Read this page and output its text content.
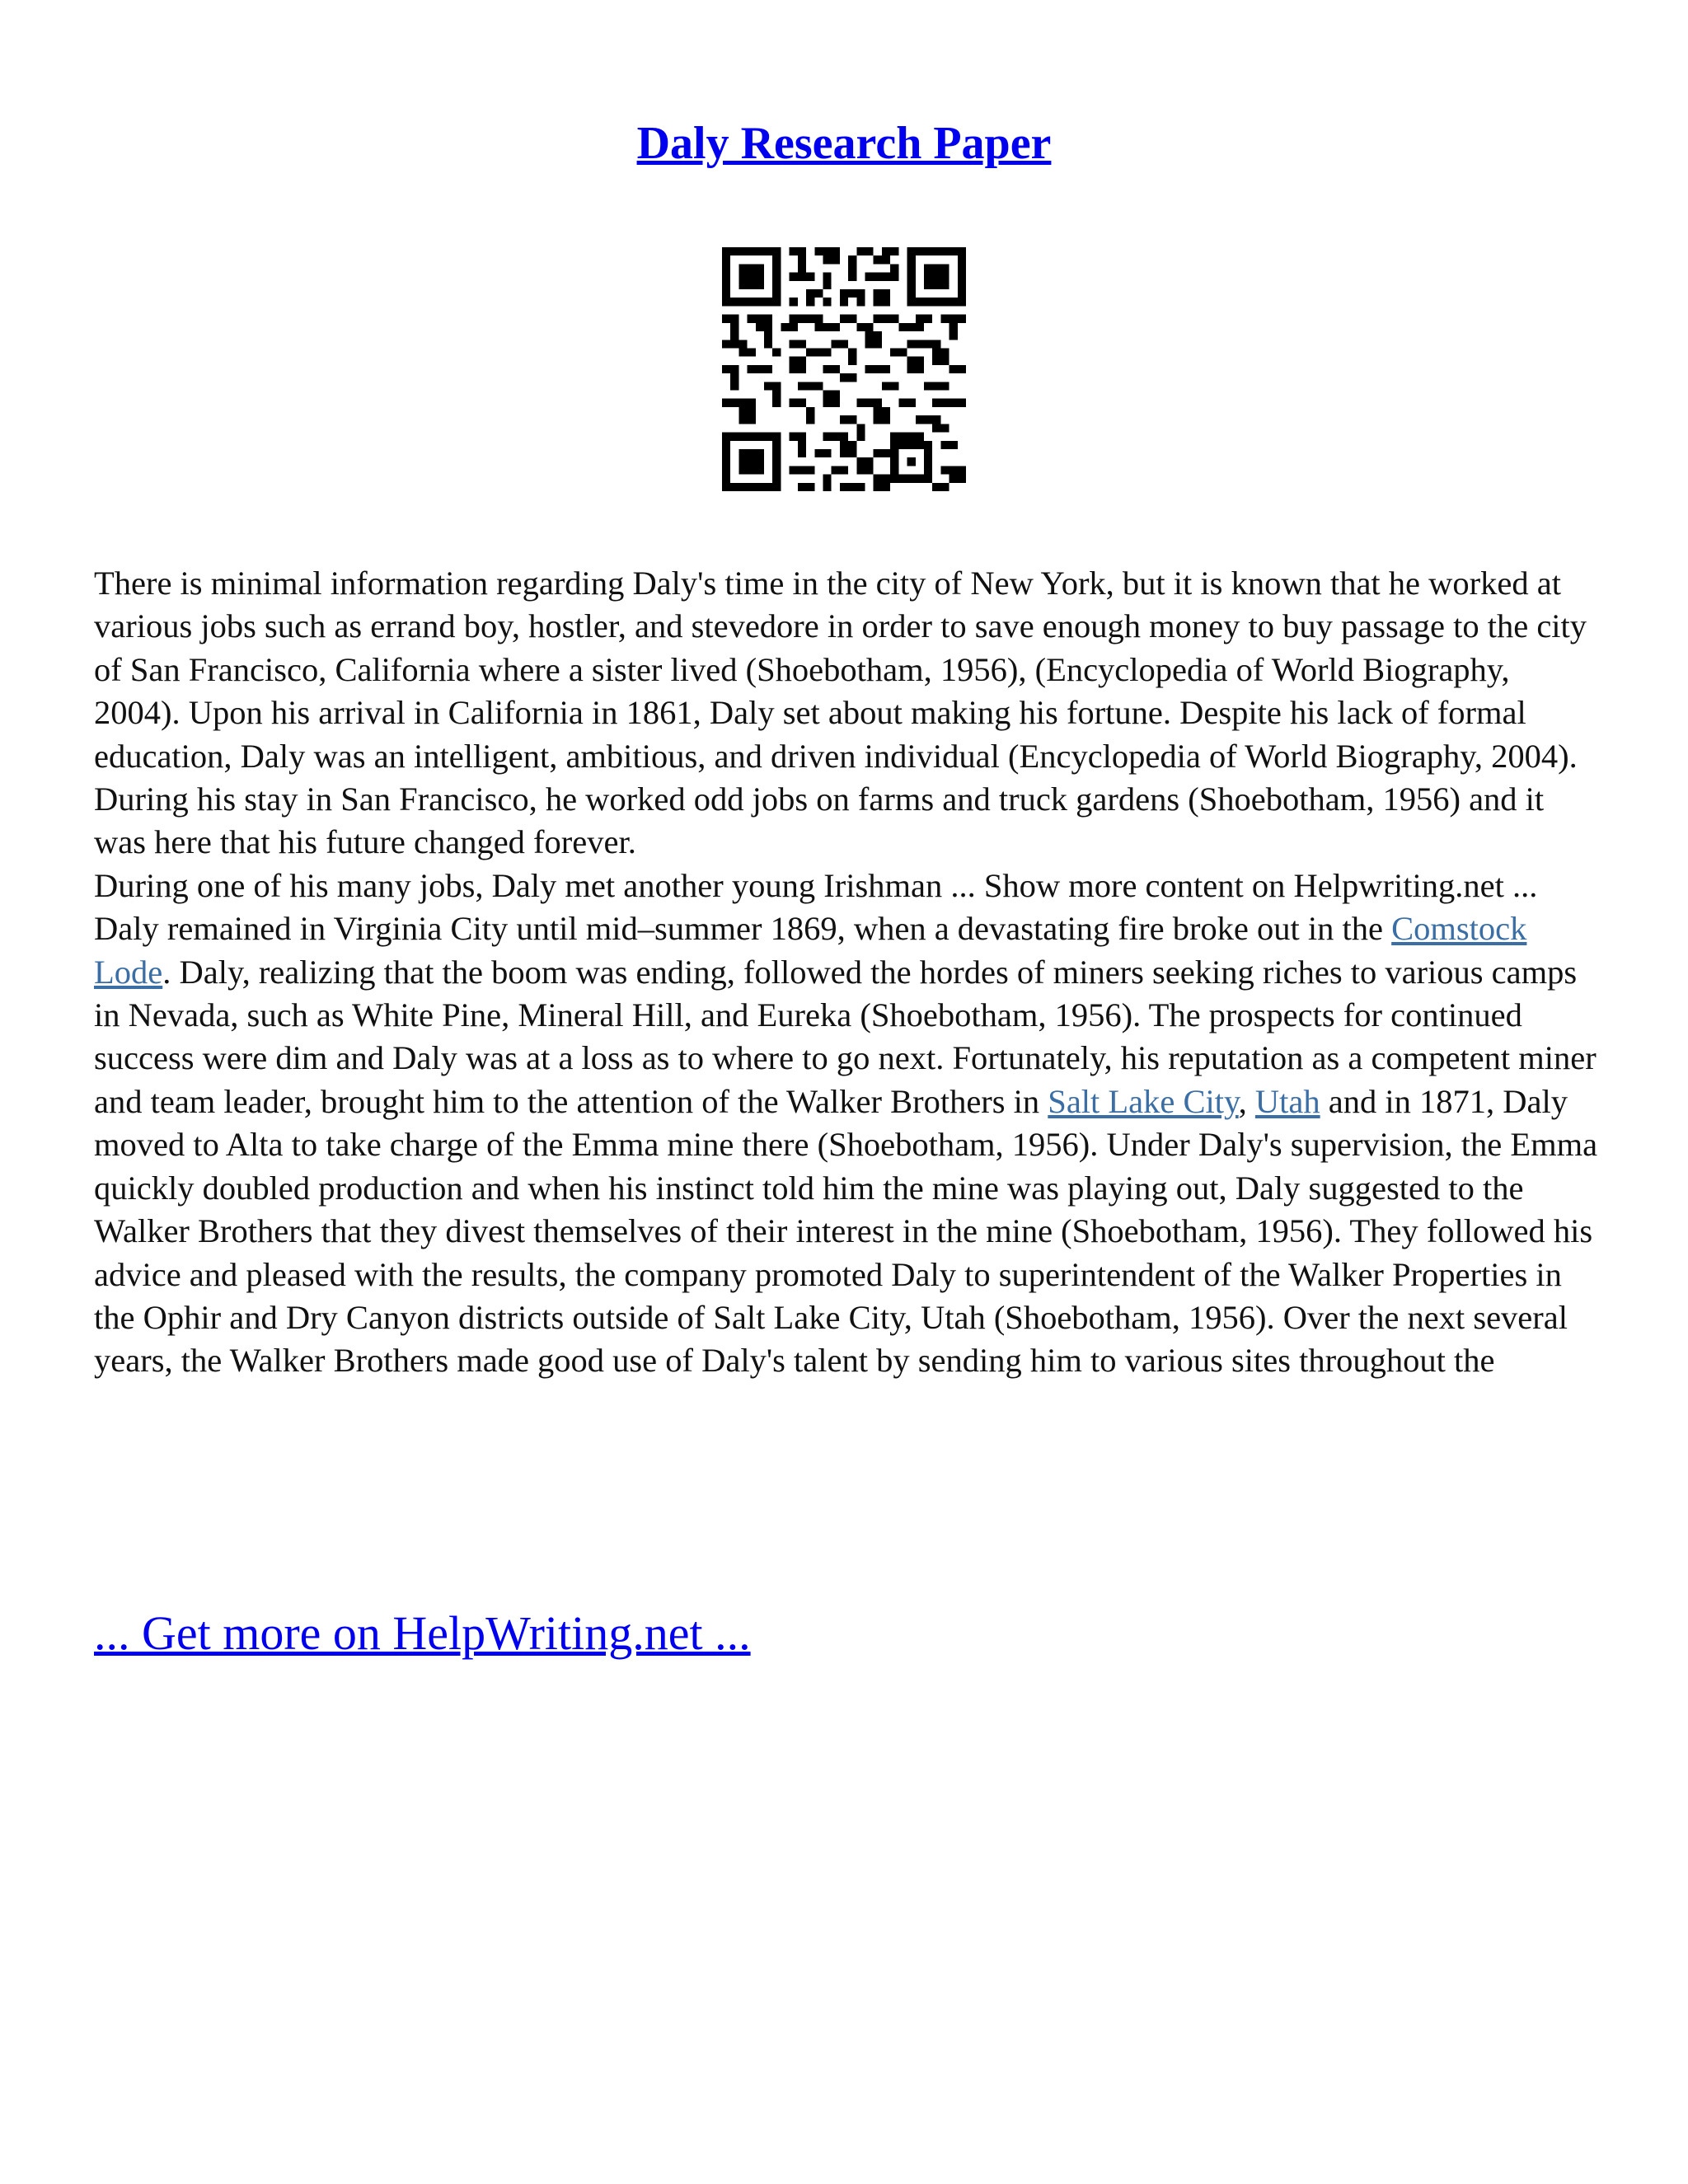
Daly Research Paper

There is minimal information regarding Daly's time in the city of New York, but it is known that he worked at various jobs such as errand boy, hostler, and stevedore in order to save enough money to buy passage to the city of San Francisco, California where a sister lived (Shoebotham, 1956), (Encyclopedia of World Biography, 2004). Upon his arrival in California in 1861, Daly set about making his fortune. Despite his lack of formal education, Daly was an intelligent, ambitious, and driven individual (Encyclopedia of World Biography, 2004). During his stay in San Francisco, he worked odd jobs on farms and truck gardens (Shoebotham, 1956) and it was here that his future changed forever.

During one of his many jobs, Daly met another young Irishman ... Show more content on Helpwriting.net ...

Daly remained in Virginia City until mid–summer 1869, when a devastating fire broke out in the Comstock Lode. Daly, realizing that the boom was ending, followed the hordes of miners seeking riches to various camps in Nevada, such as White Pine, Mineral Hill, and Eureka (Shoebotham, 1956). The prospects for continued success were dim and Daly was at a loss as to where to go next. Fortunately, his reputation as a competent miner and team leader, brought him to the attention of the Walker Brothers in Salt Lake City, Utah and in 1871, Daly moved to Alta to take charge of the Emma mine there (Shoebotham, 1956). Under Daly's supervision, the Emma quickly doubled production and when his instinct told him the mine was playing out, Daly suggested to the Walker Brothers that they divest themselves of their interest in the mine (Shoebotham, 1956). They followed his advice and pleased with the results, the company promoted Daly to superintendent of the Walker Properties in the Ophir and Dry Canyon districts outside of Salt Lake City, Utah (Shoebotham, 1956). Over the next several years, the Walker Brothers made good use of Daly's talent by sending him to various sites throughout the

... Get more on HelpWriting.net ...
